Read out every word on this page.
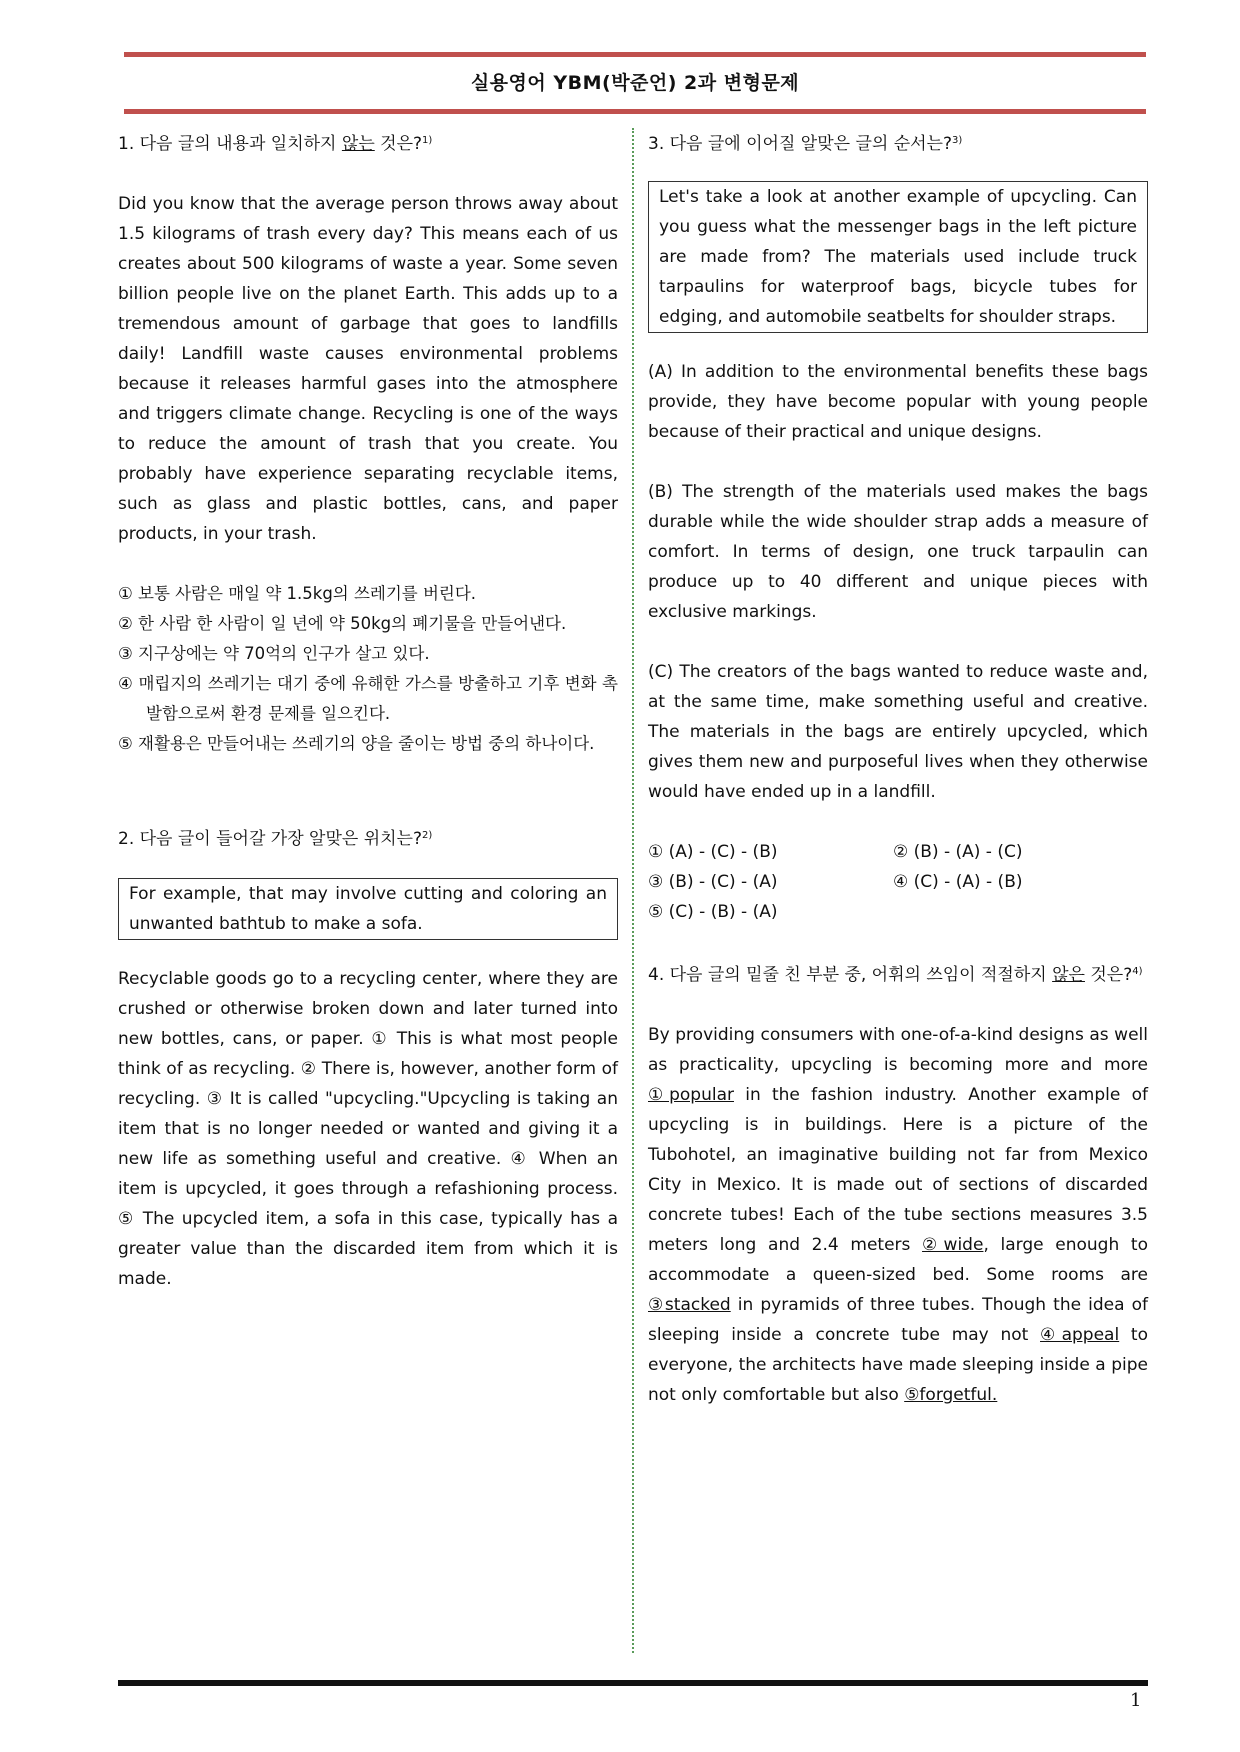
실용영어 YBM(박준언) 2과 변형문제

1. 다음 글의 내용과 일치하지 않는 것은?$^{1)}$

Did you know that the average person throws away about 1.5 kilograms of trash every day? This means each of us creates about 500 kilograms of waste a year. Some seven billion people live on the planet Earth. This adds up to a tremendous amount of garbage that goes to landfills daily! Landfill waste causes environmental problems because it releases harmful gases into the atmosphere and triggers climate change. Recycling is one of the ways to reduce the amount of trash that you create. You probably have experience separating recyclable items, such as glass and plastic bottles, cans, and paper products, in your trash.

① 보통 사람은 매일 약 1.5kg의 쓰레기를 버린다.
② 한 사람 한 사람이 일 년에 약 50kg의 폐기물을 만들어낸다.
③ 지구상에는 약 70억의 인구가 살고 있다.
④ 매립지의 쓰레기는 대기 중에 유해한 가스를 방출하고 기후 변화 촉발함으로써 환경 문제를 일으킨다.
⑤ 재활용은 만들어내는 쓰레기의 양을 줄이는 방법 중의 하나이다.

2. 다음 글이 들어갈 가장 알맞은 위치는?$^{2)}$

For example, that may involve cutting and coloring an unwanted bathtub to make a sofa.

Recyclable goods go to a recycling center, where they are crushed or otherwise broken down and later turned into new bottles, cans, or paper. ① This is what most people think of as recycling. ② There is, however, another form of recycling. ③ It is called "upcycling."Upcycling is taking an item that is no longer needed or wanted and giving it a new life as something useful and creative. ④ When an item is upcycled, it goes through a refashioning process. ⑤ The upcycled item, a sofa in this case, typically has a greater value than the discarded item from which it is made.

3. 다음 글에 이어질 알맞은 글의 순서는?$^{3)}$

Let's take a look at another example of upcycling. Can you guess what the messenger bags in the left picture are made from? The materials used include truck tarpaulins for waterproof bags, bicycle tubes for edging, and automobile seatbelts for shoulder straps.

(A) In addition to the environmental benefits these bags provide, they have become popular with young people because of their practical and unique designs.

(B) The strength of the materials used makes the bags durable while the wide shoulder strap adds a measure of comfort. In terms of design, one truck tarpaulin can produce up to 40 different and unique pieces with exclusive markings.

(C) The creators of the bags wanted to reduce waste and, at the same time, make something useful and creative. The materials in the bags are entirely upcycled, which gives them new and purposeful lives when they otherwise would have ended up in a landfill.

① (A) - (C) - (B)	② (B) - (A) - (C)
③ (B) - (C) - (A)	④ (C) - (A) - (B)
⑤ (C) - (B) - (A)

4. 다음 글의 밑줄 친 부분 중, 어휘의 쓰임이 적절하지 않은 것은?$^{4)}$

By providing consumers with one-of-a-kind designs as well as practicality, upcycling is becoming more and more ①popular in the fashion industry. Another example of upcycling is in buildings. Here is a picture of the Tubohotel, an imaginative building not far from Mexico City in Mexico. It is made out of sections of discarded concrete tubes! Each of the tube sections measures 3.5 meters long and 2.4 meters ②wide, large enough to accommodate a queen-sized bed. Some rooms are ③stacked in pyramids of three tubes. Though the idea of sleeping inside a concrete tube may not ④appeal to everyone, the architects have made sleeping inside a pipe not only comfortable but also ⑤forgetful.

1
